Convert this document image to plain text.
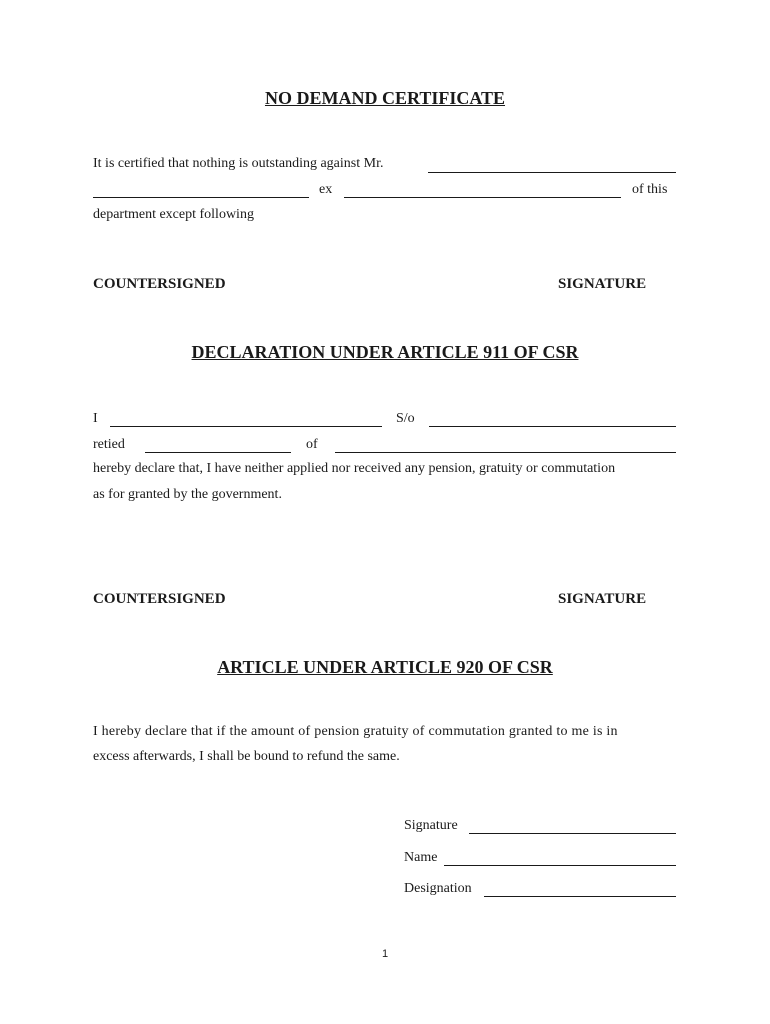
NO DEMAND CERTIFICATE
It is certified that nothing is outstanding against Mr.
ex	of this
department except following
COUNTERSIGNED	SIGNATURE
DECLARATION UNDER ARTICLE 911 OF CSR
I	S/o
retied	of
hereby declare that, I have neither applied nor received any pension, gratuity or commutation
as for granted by the government.
COUNTERSIGNED	SIGNATURE
ARTICLE UNDER ARTICLE 920 OF CSR
I hereby declare that if the amount of pension gratuity of commutation granted to me is in
excess afterwards, I shall be bound to refund the same.
Signature
Name
Designation
1
